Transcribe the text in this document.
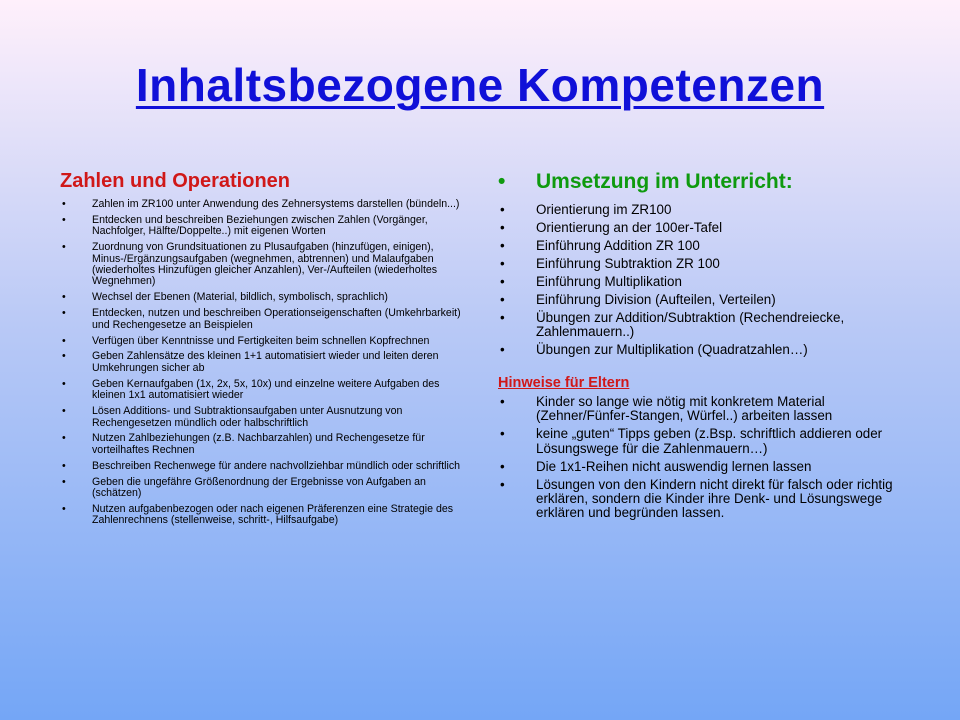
Inhaltsbezogene Kompetenzen
Zahlen und Operationen
• Zahlen im ZR100 unter Anwendung des Zehnersystems darstellen (bündeln...)
• Entdecken und beschreiben Beziehungen zwischen Zahlen (Vorgänger, Nachfolger, Hälfte/Doppelte..) mit eigenen Worten
• Zuordnung von Grundsituationen zu Plusaufgaben (hinzufügen, einigen), Minus-/Ergänzungsaufgaben (wegnehmen, abtrennen) und Malaufgaben (wiederholtes Hinzufügen gleicher Anzahlen), Ver-/Aufteilen (wiederholtes Wegnehmen)
• Wechsel der Ebenen (Material, bildlich, symbolisch, sprachlich)
• Entdecken, nutzen und beschreiben Operationseigenschaften (Umkehrbarkeit) und Rechengesetze an Beispielen
• Verfügen über Kenntnisse und Fertigkeiten beim schnellen Kopfrechnen
• Geben Zahlensätze des kleinen 1+1 automatisiert wieder und leiten deren Umkehrungen sicher ab
• Geben Kernaufgaben (1x, 2x, 5x, 10x) und einzelne weitere Aufgaben des kleinen 1x1 automatisiert wieder
• Lösen Additions- und Subtraktionsaufgaben unter Ausnutzung von Rechengesetzen mündlich oder halbschriftlich
• Nutzen Zahlbeziehungen (z.B. Nachbarzahlen) und Rechengesetze für vorteilhaftes Rechnen
• Beschreiben Rechenwege für andere nachvollziehbar mündlich oder schriftlich
• Geben die ungefähre Größenordnung der Ergebnisse von Aufgaben an (schätzen)
• Nutzen aufgabenbezogen oder nach eigenen Präferenzen eine Strategie des Zahlenrechnens (stellenweise, schritt-, Hilfsaufgabe)
•	Umsetzung im Unterricht:
• Orientierung im ZR100
• Orientierung an der 100er-Tafel
• Einführung Addition ZR 100
• Einführung Subtraktion ZR 100
• Einführung Multiplikation
• Einführung Division (Aufteilen, Verteilen)
• Übungen zur Addition/Subtraktion (Rechendreiecke, Zahlenmauern..)
• Übungen zur Multiplikation (Quadratzahlen…)
Hinweise für Eltern
• Kinder so lange wie nötig mit konkretem Material (Zehner/Fünfer-Stangen, Würfel..) arbeiten lassen
• keine „guten“ Tipps geben (z.Bsp. schriftlich addieren oder Lösungswege für die Zahlenmauern…)
• Die 1x1-Reihen nicht auswendig lernen lassen
• Lösungen von den Kindern nicht direkt für falsch oder richtig erklären, sondern die Kinder ihre Denk- und Lösungswege erklären und begründen lassen.
